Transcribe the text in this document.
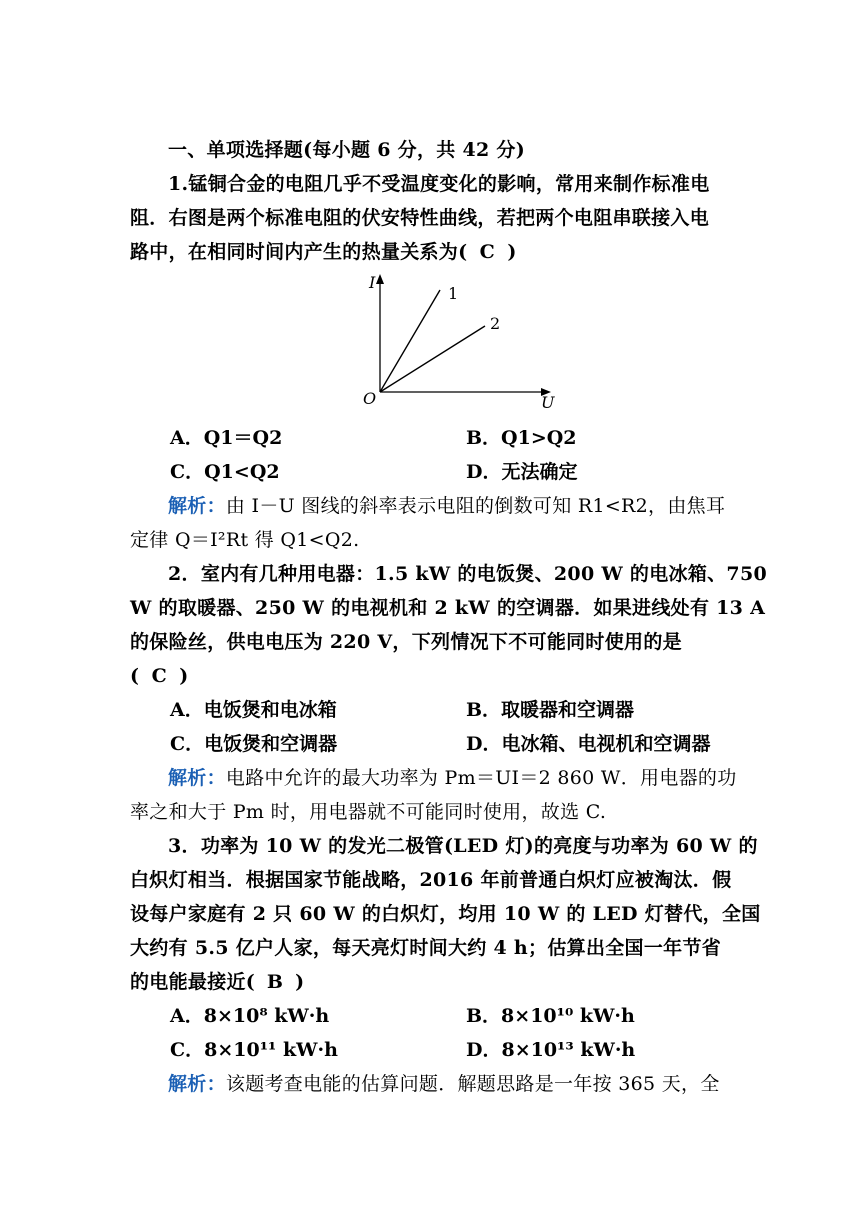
一、单项选择题(每小题 6 分，共 42 分)
1.锰铜合金的电阻几乎不受温度变化的影响，常用来制作标准电
阻．右图是两个标准电阻的伏安特性曲线，若把两个电阻串联接入电
路中，在相同时间内产生的热量关系为( C )
I
U
O
1
2
A．Q1＝Q2	B．Q1>Q2
C．Q1<Q2	D．无法确定
解析：由 I－U 图线的斜率表示电阻的倒数可知 R1<R2，由焦耳
定律 Q＝I²Rt 得 Q1<Q2.
2．室内有几种用电器：1.5 kW 的电饭煲、200 W 的电冰箱、750
W 的取暖器、250 W 的电视机和 2 kW 的空调器．如果进线处有 13 A
的保险丝，供电电压为 220 V，下列情况下不可能同时使用的是
( C )
A．电饭煲和电冰箱	B．取暖器和空调器
C．电饭煲和空调器	D．电冰箱、电视机和空调器
解析：电路中允许的最大功率为 Pm＝UI＝2 860 W．用电器的功
率之和大于 Pm 时，用电器就不可能同时使用，故选 C.
3．功率为 10 W 的发光二极管(LED 灯)的亮度与功率为 60 W 的
白炽灯相当．根据国家节能战略，2016 年前普通白炽灯应被淘汰．假
设每户家庭有 2 只 60 W 的白炽灯，均用 10 W 的 LED 灯替代，全国
大约有 5.5 亿户人家，每天亮灯时间大约 4 h；估算出全国一年节省
的电能最接近( B )
A．8×10⁸ kW·h	B．8×10¹⁰ kW·h
C．8×10¹¹ kW·h	D．8×10¹³ kW·h
解析：该题考查电能的估算问题．解题思路是一年按 365 天，全
